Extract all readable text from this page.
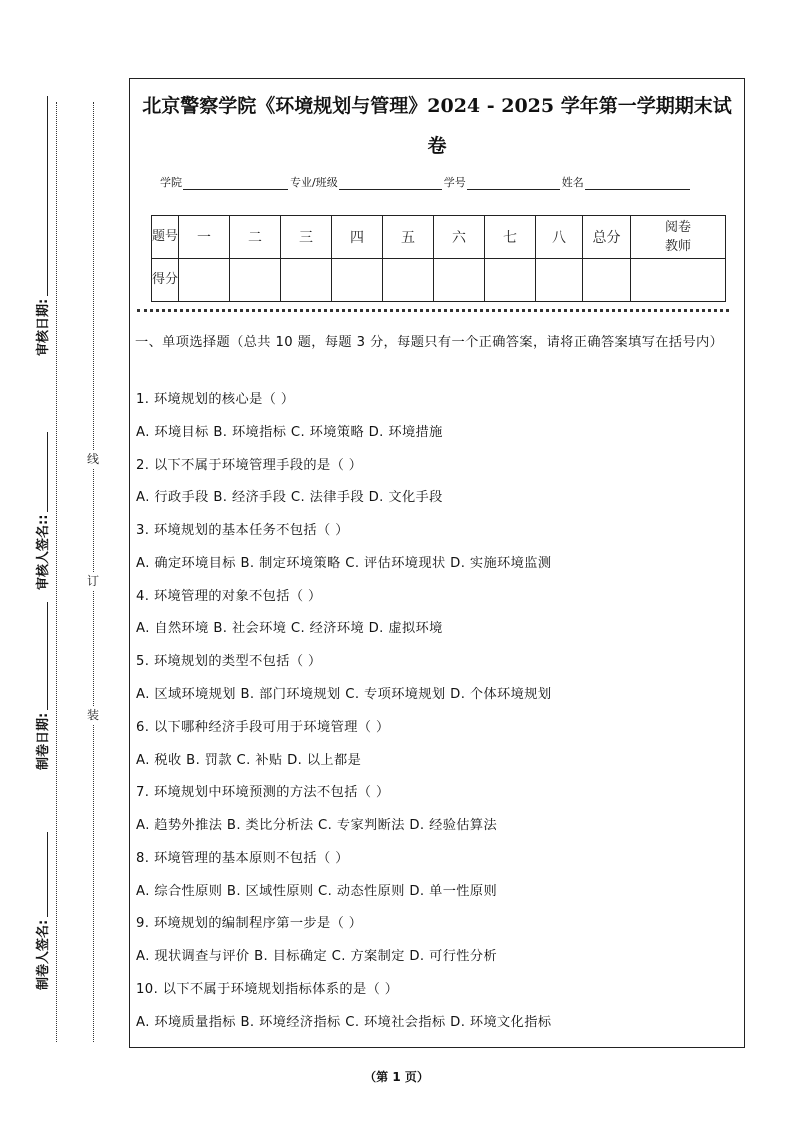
审核日期:
审核人签名::
制卷日期:
制卷人签名:
线
订
装
北京警察学院《环境规划与管理》2024 - 2025 学年第一学期期末试卷
学院	专业/班级	学号	姓名
题号	一	二	三	四	五	六	七	八	总分	阅卷教师
得分										
一、单项选择题（总共 10 题，每题 3 分，每题只有一个正确答案，请将正确答案填写在括号内）
1. 环境规划的核心是（ ）
A. 环境目标 B. 环境指标 C. 环境策略 D. 环境措施
2. 以下不属于环境管理手段的是（ ）
A. 行政手段 B. 经济手段 C. 法律手段 D. 文化手段
3. 环境规划的基本任务不包括（ ）
A. 确定环境目标 B. 制定环境策略 C. 评估环境现状 D. 实施环境监测
4. 环境管理的对象不包括（ ）
A. 自然环境 B. 社会环境 C. 经济环境 D. 虚拟环境
5. 环境规划的类型不包括（ ）
A. 区域环境规划 B. 部门环境规划 C. 专项环境规划 D. 个体环境规划
6. 以下哪种经济手段可用于环境管理（ ）
A. 税收 B. 罚款 C. 补贴 D. 以上都是
7. 环境规划中环境预测的方法不包括（ ）
A. 趋势外推法 B. 类比分析法 C. 专家判断法 D. 经验估算法
8. 环境管理的基本原则不包括（ ）
A. 综合性原则 B. 区域性原则 C. 动态性原则 D. 单一性原则
9. 环境规划的编制程序第一步是（ ）
A. 现状调查与评价 B. 目标确定 C. 方案制定 D. 可行性分析
10. 以下不属于环境规划指标体系的是（ ）
A. 环境质量指标 B. 环境经济指标 C. 环境社会指标 D. 环境文化指标
（第 1 页）
